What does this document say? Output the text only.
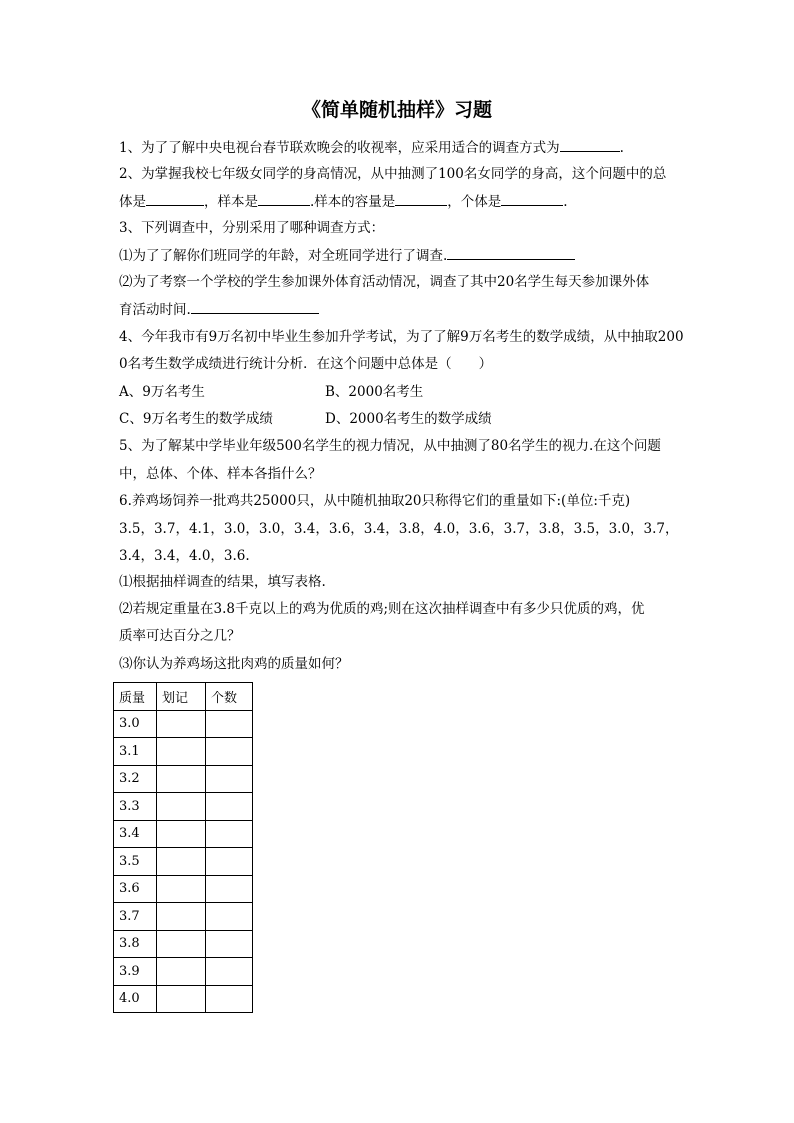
《简单随机抽样》习题
1、为了了解中央电视台春节联欢晚会的收视率，应采用适合的调查方式为	.
2、为掌握我校七年级女同学的身高情况，从中抽测了100名女同学的身高，这个问题中的总
体是	，样本是	.样本的容量是	，个体是	.
3、下列调查中，分别采用了哪种调查方式：
⑴为了了解你们班同学的年龄，对全班同学进行了调查.
⑵为了考察一个学校的学生参加课外体育活动情况，调查了其中20名学生每天参加课外体
育活动时间.
4、今年我市有9万名初中毕业生参加升学考试，为了了解9万名考生的数学成绩，从中抽取200
0名考生数学成绩进行统计分析．在这个问题中总体是（　　）
A、9万名考生	B、2000名考生
C、9万名考生的数学成绩	D、2000名考生的数学成绩
5、为了解某中学毕业年级500名学生的视力情况，从中抽测了80名学生的视力.在这个问题
中，总体、个体、样本各指什么？
6.养鸡场饲养一批鸡共25000只，从中随机抽取20只称得它们的重量如下:(单位:千克)
3.5，3.7，4.1，3.0，3.0，3.4，3.6，3.4，3.8，4.0，3.6，3.7，3.8，3.5，3.0，3.7，
3.4，3.4，4.0，3.6.
⑴根据抽样调查的结果，填写表格.
⑵若规定重量在3.8千克以上的鸡为优质的鸡;则在这次抽样调查中有多少只优质的鸡，优
质率可达百分之几？
⑶你认为养鸡场这批肉鸡的质量如何？
质量	划记	个数
3.0		
3.1		
3.2		
3.3		
3.4		
3.5		
3.6		
3.7		
3.8		
3.9		
4.0		
